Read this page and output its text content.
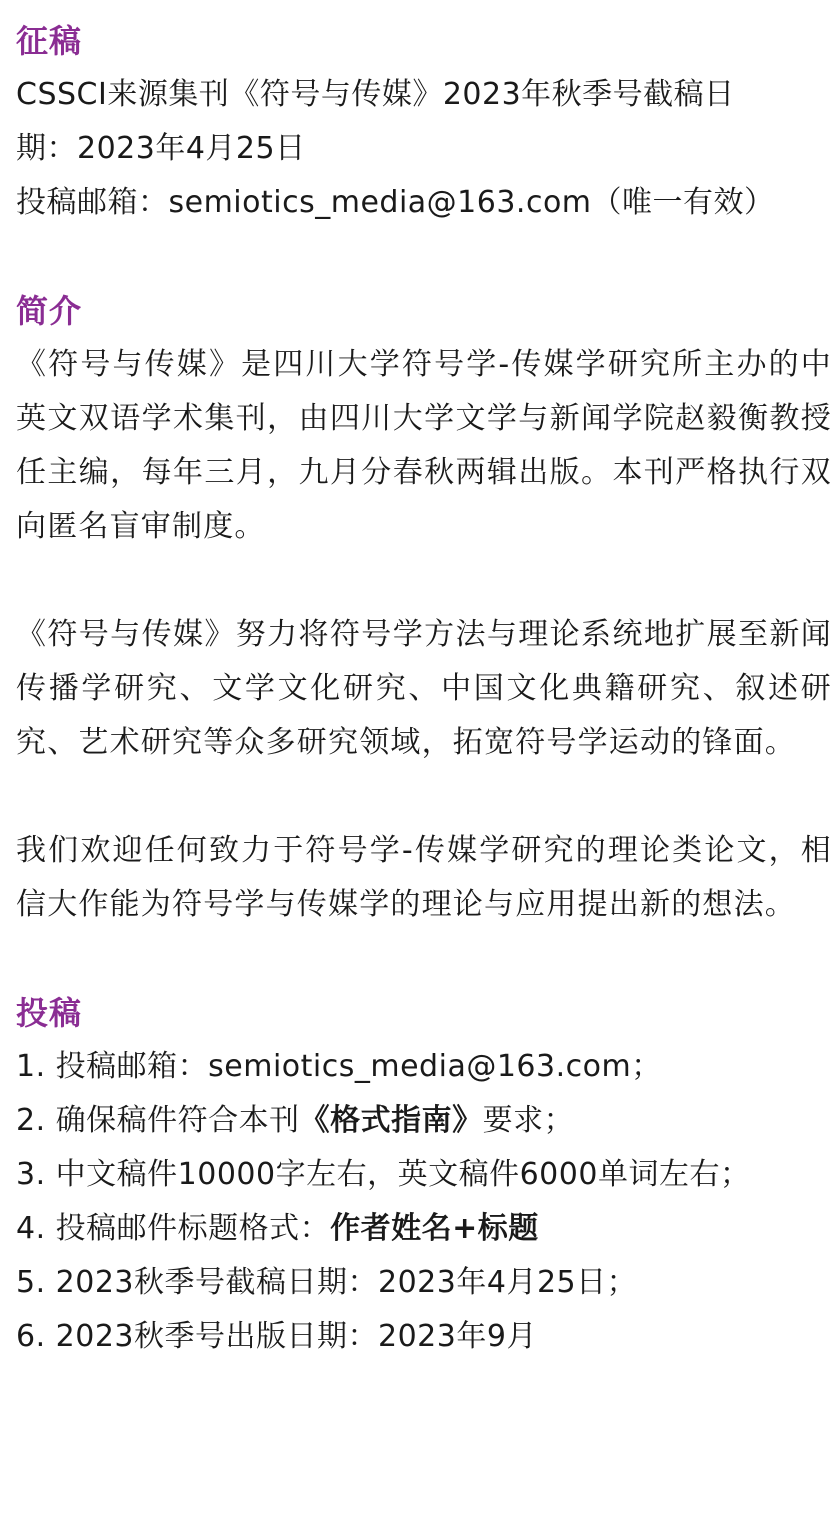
征稿
CSSCI来源集刊《符号与传媒》2023年秋季号截稿日
期：2023年4月25日
投稿邮箱：semiotics_media@163.com（唯一有效）
简介
《符号与传媒》是四川大学符号学-传媒学研究所主办的中英文双语学术集刊，由四川大学文学与新闻学院赵毅衡教授任主编，每年三月，九月分春秋两辑出版。本刊严格执行双向匿名盲审制度。
《符号与传媒》努力将符号学方法与理论系统地扩展至新闻传播学研究、文学文化研究、中国文化典籍研究、叙述研究、艺术研究等众多研究领域，拓宽符号学运动的锋面。
我们欢迎任何致力于符号学-传媒学研究的理论类论文，相信大作能为符号学与传媒学的理论与应用提出新的想法。
投稿
1. 投稿邮箱：semiotics_media@163.com；
2. 确保稿件符合本刊《格式指南》要求；
3. 中文稿件10000字左右，英文稿件6000单词左右；
4. 投稿邮件标题格式：作者姓名+标题
5. 2023秋季号截稿日期：2023年4月25日；
6. 2023秋季号出版日期：2023年9月
